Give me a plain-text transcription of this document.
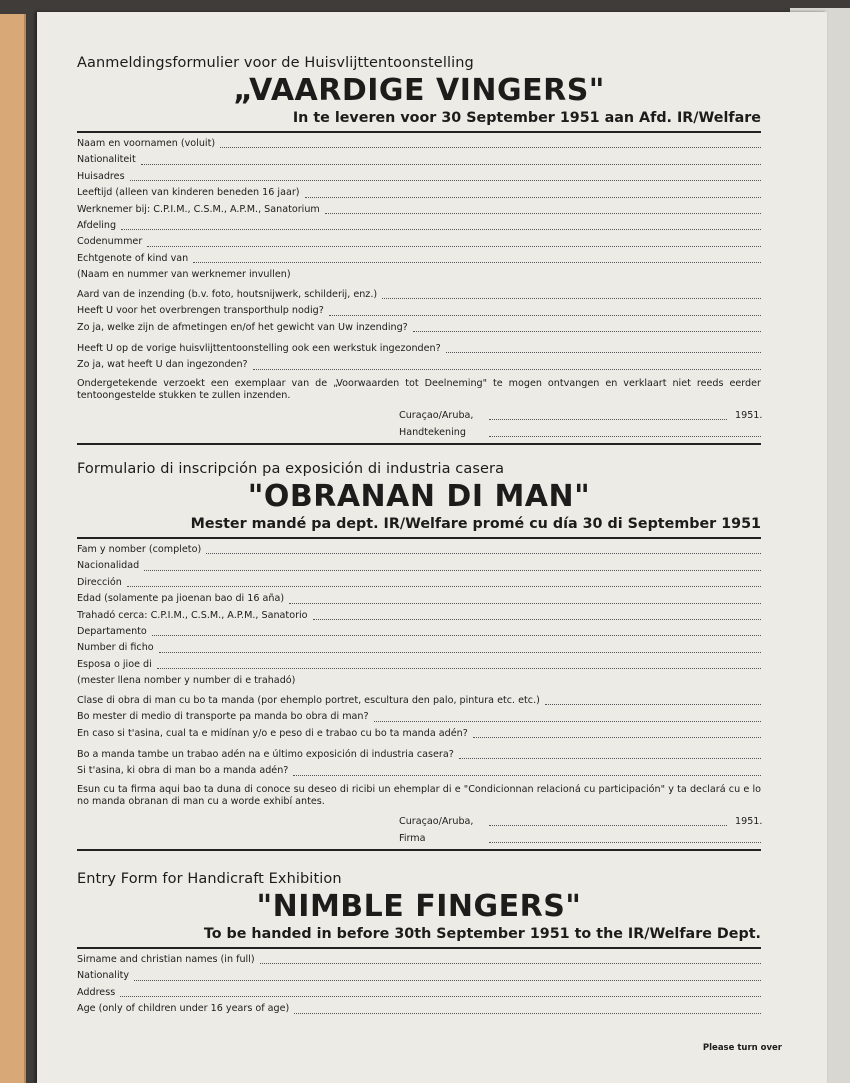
Aanmeldingsformulier voor de Huisvlijttentoonstelling

„VAARDIGE VINGERS"

In te leveren voor 30 September 1951 aan Afd. IR/Welfare

Naam en voornamen (voluit)
Nationaliteit
Huisadres
Leeftijd (alleen van kinderen beneden 16 jaar)
Werknemer bij: C.P.I.M., C.S.M., A.P.M., Sanatorium
Afdeling
Codenummer
Echtgenote of kind van
(Naam en nummer van werknemer invullen)
Aard van de inzending (b.v. foto, houtsnijwerk, schilderij, enz.)
Heeft U voor het overbrengen transporthulp nodig?
Zo ja, welke zijn de afmetingen en/of het gewicht van Uw inzending?
Heeft U op de vorige huisvlijttentoonstelling ook een werkstuk ingezonden?
Zo ja, wat heeft U dan ingezonden?

Ondergetekende verzoekt een exemplaar van de „Voorwaarden tot Deelneming" te mogen ontvangen en verklaart niet reeds eerder tentoongestelde stukken te zullen inzenden.

Curaçao/Aruba,	1951.
Handtekening

Formulario di inscripción pa exposición di industria casera

"OBRANAN DI MAN"

Mester mandé pa dept. IR/Welfare promé cu día 30 di September 1951

Fam y nomber (completo)
Nacionalidad
Dirección
Edad (solamente pa jioenan bao di 16 aña)
Trahadó cerca: C.P.I.M., C.S.M., A.P.M., Sanatorio
Departamento
Number di ficho
Esposa o jioe di
(mester llena nomber y number di e trahadó)
Clase di obra di man cu bo ta manda (por ehemplo portret, escultura den palo, pintura etc. etc.)
Bo mester di medio di transporte pa manda bo obra di man?
En caso si t'asina, cual ta e midínan y/o e peso di e trabao cu bo ta manda adén?
Bo a manda tambe un trabao adén na e último exposición di industria casera?
Si t'asina, ki obra di man bo a manda adén?

Esun cu ta firma aqui bao ta duna di conoce su deseo di ricibi un ehemplar di e "Condicionnan relacioná cu participación" y ta declará cu e lo no manda obranan di man cu a worde exhibí antes.

Curaçao/Aruba,	1951.
Firma

Entry Form for Handicraft Exhibition

"NIMBLE FINGERS"

To be handed in before 30th September 1951 to the IR/Welfare Dept.

Sirname and christian names (in full)
Nationality
Address
Age (only of children under 16 years of age)
Please turn over
